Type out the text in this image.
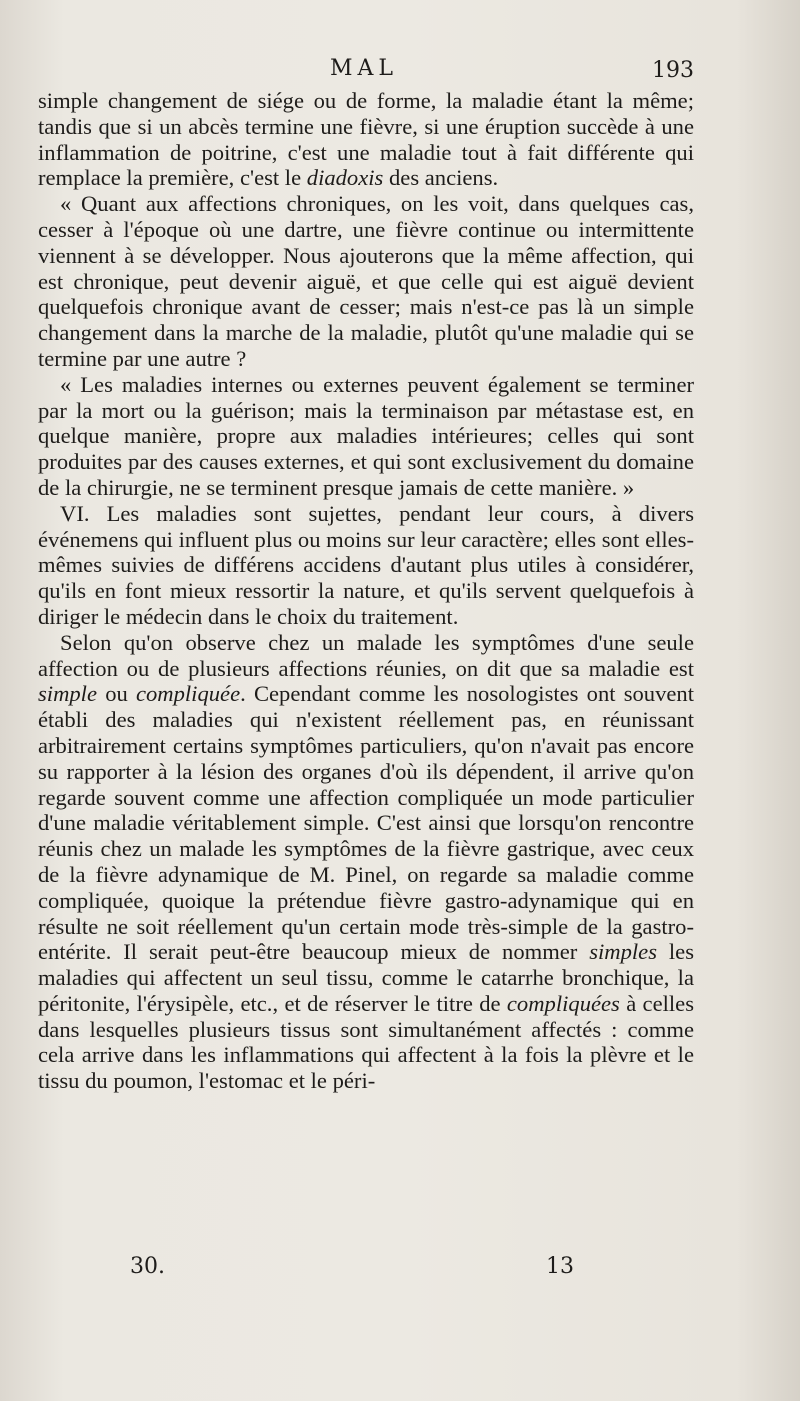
MAL	193

simple changement de siége ou de forme, la maladie étant la même; tandis que si un abcès termine une fièvre, si une éruption succède à une inflammation de poitrine, c'est une maladie tout à fait différente qui remplace la première, c'est le diadoxis des anciens.

« Quant aux affections chroniques, on les voit, dans quelques cas, cesser à l'époque où une dartre, une fièvre continue ou intermittente viennent à se développer. Nous ajouterons que la même affection, qui est chronique, peut devenir aiguë, et que celle qui est aiguë devient quelquefois chronique avant de cesser; mais n'est-ce pas là un simple changement dans la marche de la maladie, plutôt qu'une maladie qui se termine par une autre ?

« Les maladies internes ou externes peuvent également se terminer par la mort ou la guérison; mais la terminaison par métastase est, en quelque manière, propre aux maladies intérieures; celles qui sont produites par des causes externes, et qui sont exclusivement du domaine de la chirurgie, ne se terminent presque jamais de cette manière. »

VI. Les maladies sont sujettes, pendant leur cours, à divers événemens qui influent plus ou moins sur leur caractère; elles sont elles-mêmes suivies de différens accidens d'autant plus utiles à considérer, qu'ils en font mieux ressortir la nature, et qu'ils servent quelquefois à diriger le médecin dans le choix du traitement.

Selon qu'on observe chez un malade les symptômes d'une seule affection ou de plusieurs affections réunies, on dit que sa maladie est simple ou compliquée. Cependant comme les nosologistes ont souvent établi des maladies qui n'existent réellement pas, en réunissant arbitrairement certains symptômes particuliers, qu'on n'avait pas encore su rapporter à la lésion des organes d'où ils dépendent, il arrive qu'on regarde souvent comme une affection compliquée un mode particulier d'une maladie véritablement simple. C'est ainsi que lorsqu'on rencontre réunis chez un malade les symptômes de la fièvre gastrique, avec ceux de la fièvre adynamique de M. Pinel, on regarde sa maladie comme compliquée, quoique la prétendue fièvre gastro-adynamique qui en résulte ne soit réellement qu'un certain mode très-simple de la gastro-entérite. Il serait peut-être beaucoup mieux de nommer simples les maladies qui affectent un seul tissu, comme le catarrhe bronchique, la péritonite, l'érysipèle, etc., et de réserver le titre de compliquées à celles dans lesquelles plusieurs tissus sont simultanément affectés : comme cela arrive dans les inflammations qui affectent à la fois la plèvre et le tissu du poumon, l'estomac et le péri-

30.	13
